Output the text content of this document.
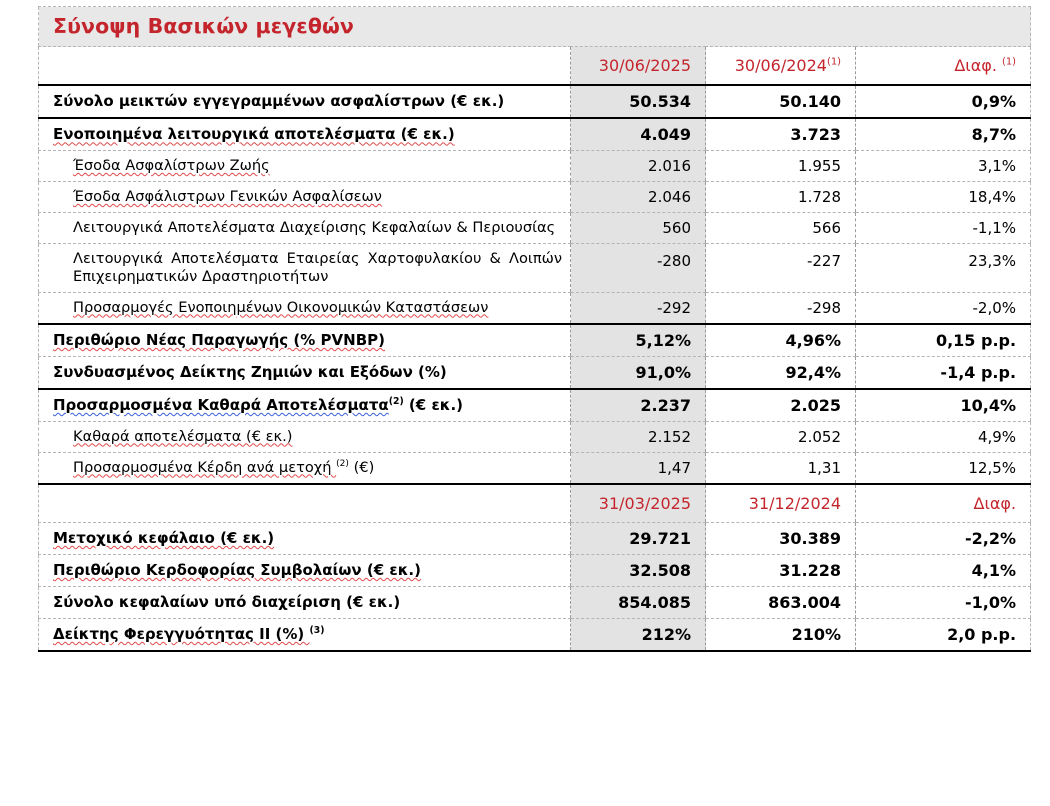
Σύνοψη Βασικών μεγεθών			
	30/06/2025	30/06/2024$^{(1)}$	Διαφ. $^{(1)}$
Σύνολο μεικτών εγγεγραμμένων ασφαλίστρων (€ εκ.)	50.534	50.140	0,9%
Ενοποιημένα λειτουργικά αποτελέσματα (€ εκ.)	4.049	3.723	8,7%
Έσοδα Ασφαλίστρων Ζωής	2.016	1.955	3,1%
Έσοδα Ασφάλιστρων Γενικών Ασφαλίσεων	2.046	1.728	18,4%
Λειτουργικά Αποτελέσματα Διαχείρισης Κεφαλαίων & Περιουσίας	560	566	-1,1%
Λειτουργικά Αποτελέσματα Εταιρείας Χαρτοφυλακίου & Λοιπών Επιχειρηματικών Δραστηριοτήτων	-280	-227	23,3%
Προσαρμογές Ενοποιημένων Οικονομικών Καταστάσεων	-292	-298	-2,0%
Περιθώριο Νέας Παραγωγής (% PVNBP)	5,12%	4,96%	0,15 p.p.
Συνδυασμένος Δείκτης Ζημιών και Εξόδων (%)	91,0%	92,4%	-1,4 p.p.
Προσαρμοσμένα Καθαρά Αποτελέσματα$^{(2)}$ (€ εκ.)	2.237	2.025	10,4%
Καθαρά αποτελέσματα (€ εκ.)	2.152	2.052	4,9%
Προσαρμοσμένα Κέρδη ανά μετοχή $^{(2)}$ (€)	1,47	1,31	12,5%
	31/03/2025	31/12/2024	Διαφ.
Μετοχικό κεφάλαιο (€ εκ.)	29.721	30.389	-2,2%
Περιθώριο Κερδοφορίας Συμβολαίων (€ εκ.)	32.508	31.228	4,1%
Σύνολο κεφαλαίων υπό διαχείριση (€ εκ.)	854.085	863.004	-1,0%
Δείκτης Φερεγγυότητας II (%) $^{(3)}$	212%	210%	2,0 p.p.
